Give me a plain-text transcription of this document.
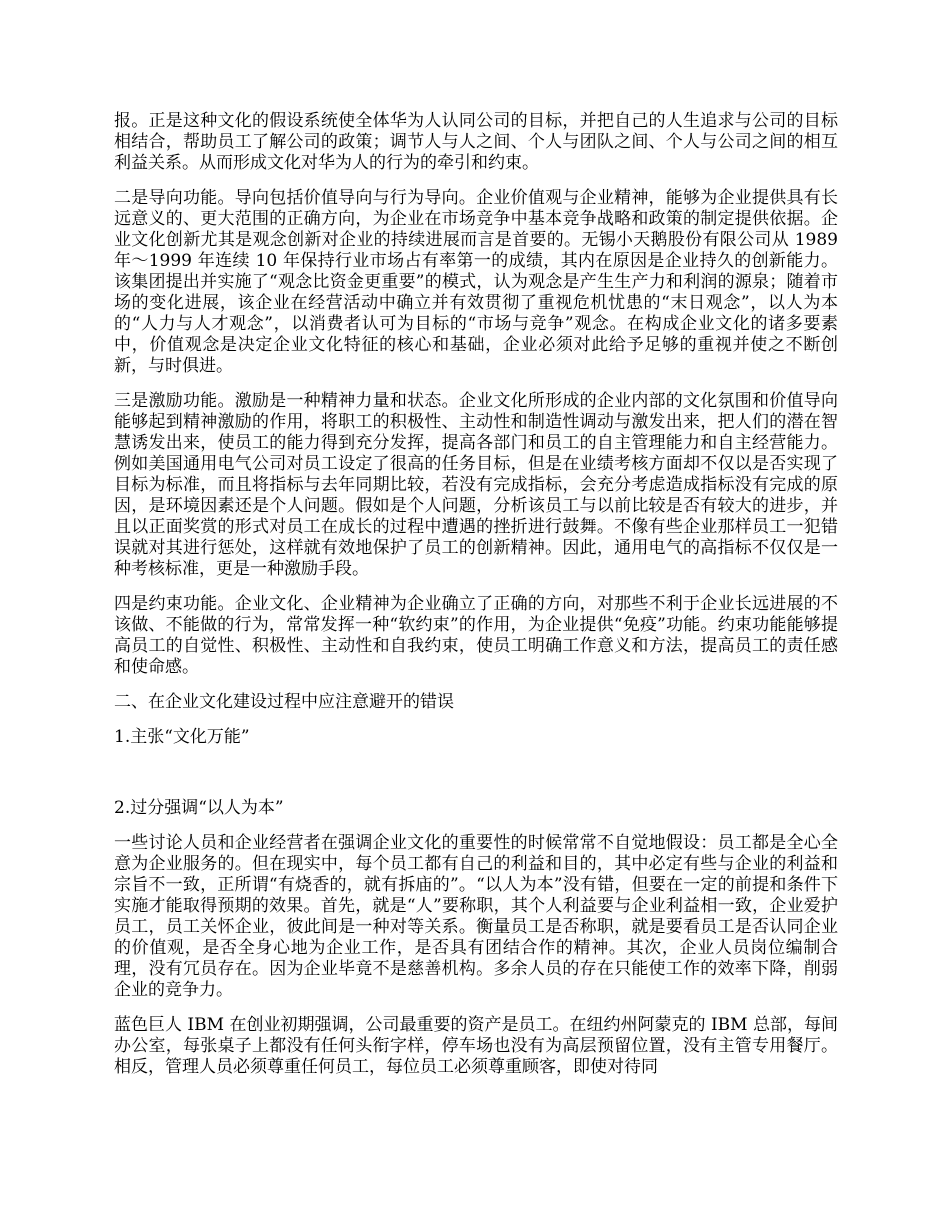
报。正是这种文化的假设系统使全体华为人认同公司的目标，并把自己的人生追求与公司的目标相结合，帮助员工了解公司的政策；调节人与人之间、个人与团队之间、个人与公司之间的相互利益关系。从而形成文化对华为人的行为的牵引和约束。

二是导向功能。导向包括价值导向与行为导向。企业价值观与企业精神，能够为企业提供具有长远意义的、更大范围的正确方向，为企业在市场竞争中基本竞争战略和政策的制定提供依据。企业文化创新尤其是观念创新对企业的持续进展而言是首要的。无锡小天鹅股份有限公司从 1989 年～1999 年连续 10 年保持行业市场占有率第一的成绩，其内在原因是企业持久的创新能力。该集团提出并实施了“观念比资金更重要”的模式，认为观念是产生生产力和利润的源泉；随着市场的变化进展，该企业在经营活动中确立并有效贯彻了重视危机忧患的“末日观念”，以人为本的“人力与人才观念”，以消费者认可为目标的“市场与竞争”观念。在构成企业文化的诸多要素中，价值观念是决定企业文化特征的核心和基础，企业必须对此给予足够的重视并使之不断创新，与时俱进。

三是激励功能。激励是一种精神力量和状态。企业文化所形成的企业内部的文化氛围和价值导向能够起到精神激励的作用，将职工的积极性、主动性和制造性调动与激发出来，把人们的潜在智慧诱发出来，使员工的能力得到充分发挥，提高各部门和员工的自主管理能力和自主经营能力。例如美国通用电气公司对员工设定了很高的任务目标，但是在业绩考核方面却不仅以是否实现了目标为标准，而且将指标与去年同期比较，若没有完成指标，会充分考虑造成指标没有完成的原因，是环境因素还是个人问题。假如是个人问题，分析该员工与以前比较是否有较大的进步，并且以正面奖赏的形式对员工在成长的过程中遭遇的挫折进行鼓舞。不像有些企业那样员工一犯错误就对其进行惩处，这样就有效地保护了员工的创新精神。因此，通用电气的高指标不仅仅是一种考核标准，更是一种激励手段。

四是约束功能。企业文化、企业精神为企业确立了正确的方向，对那些不利于企业长远进展的不该做、不能做的行为，常常发挥一种“软约束”的作用，为企业提供“免疫”功能。约束功能能够提高员工的自觉性、积极性、主动性和自我约束，使员工明确工作意义和方法，提高员工的责任感和使命感。

二、在企业文化建设过程中应注意避开的错误

1.主张“文化万能”

2.过分强调“以人为本”

一些讨论人员和企业经营者在强调企业文化的重要性的时候常常不自觉地假设：员工都是全心全意为企业服务的。但在现实中，每个员工都有自己的利益和目的，其中必定有些与企业的利益和宗旨不一致，正所谓“有烧香的，就有拆庙的”。“以人为本”没有错，但要在一定的前提和条件下实施才能取得预期的效果。首先，就是“人”要称职，其个人利益要与企业利益相一致，企业爱护员工，员工关怀企业，彼此间是一种对等关系。衡量员工是否称职，就是要看员工是否认同企业的价值观，是否全身心地为企业工作，是否具有团结合作的精神。其次，企业人员岗位编制合理，没有冗员存在。因为企业毕竟不是慈善机构。多余人员的存在只能使工作的效率下降，削弱企业的竞争力。

蓝色巨人 IBM 在创业初期强调，公司最重要的资产是员工。在纽约州阿蒙克的 IBM 总部，每间办公室，每张桌子上都没有任何头衔字样，停车场也没有为高层预留位置，没有主管专用餐厅。相反，管理人员必须尊重任何员工，每位员工必须尊重顾客，即使对待同
